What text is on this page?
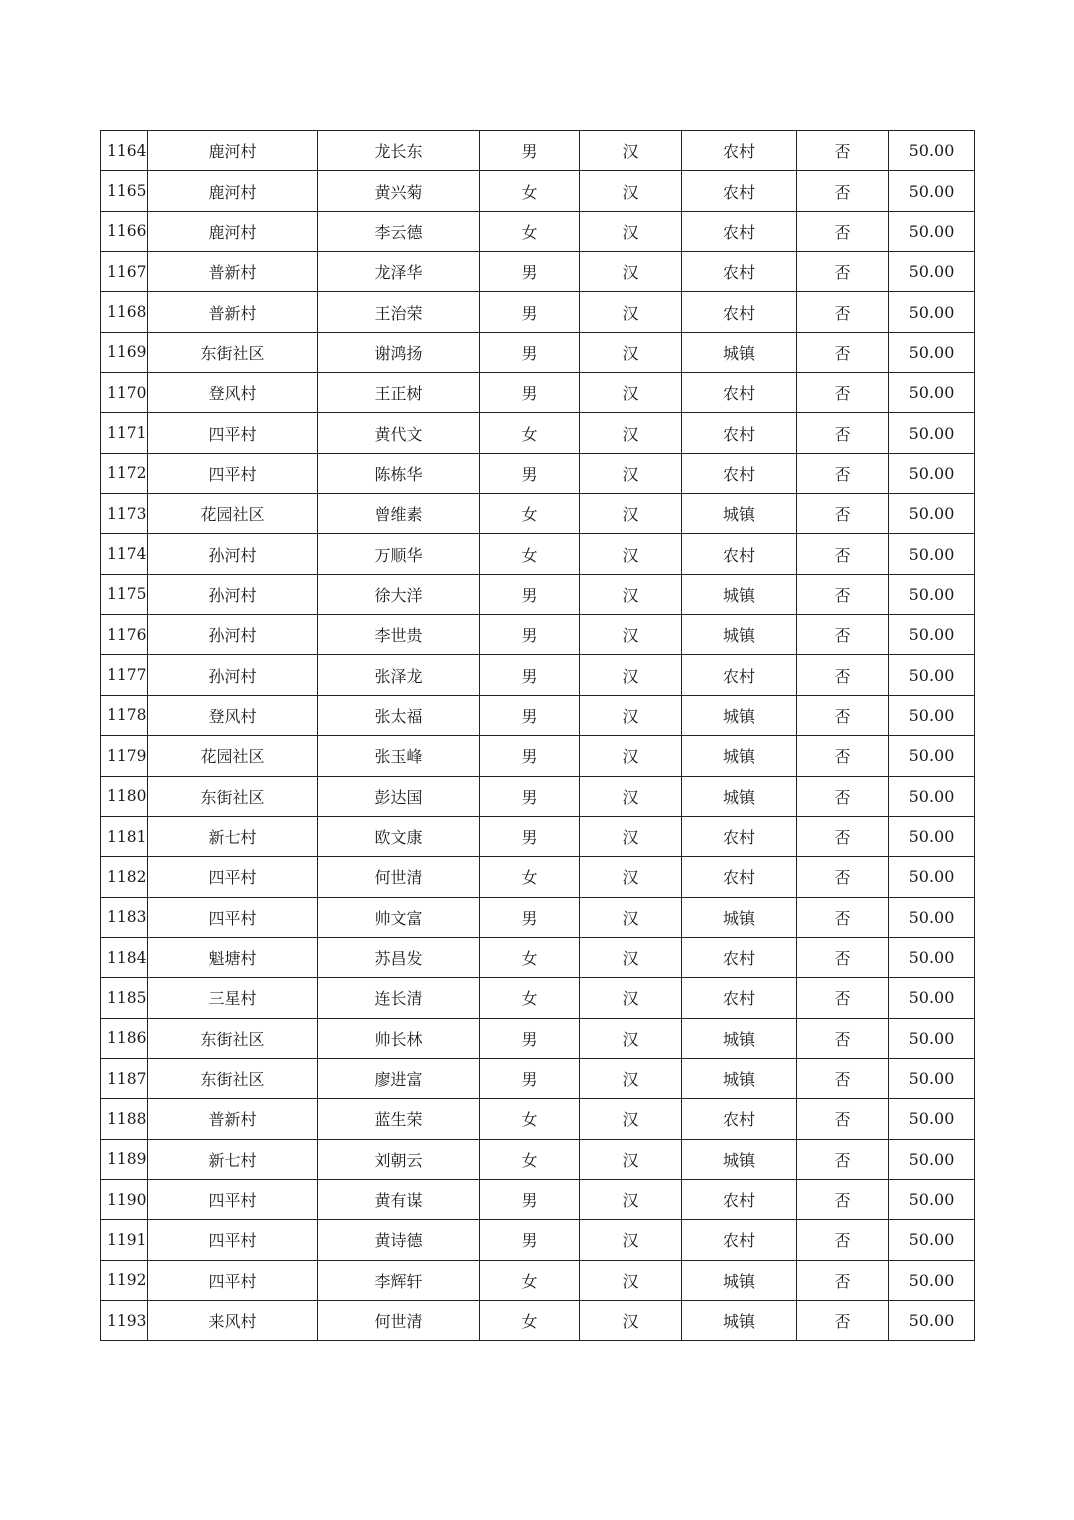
1164	鹿河村	龙长东	男	汉	农村	否	50.00
1165	鹿河村	黄兴菊	女	汉	农村	否	50.00
1166	鹿河村	李云德	女	汉	农村	否	50.00
1167	普新村	龙泽华	男	汉	农村	否	50.00
1168	普新村	王治荣	男	汉	农村	否	50.00
1169	东街社区	谢鸿扬	男	汉	城镇	否	50.00
1170	登风村	王正树	男	汉	农村	否	50.00
1171	四平村	黄代文	女	汉	农村	否	50.00
1172	四平村	陈栋华	男	汉	农村	否	50.00
1173	花园社区	曾维素	女	汉	城镇	否	50.00
1174	孙河村	万顺华	女	汉	农村	否	50.00
1175	孙河村	徐大洋	男	汉	城镇	否	50.00
1176	孙河村	李世贵	男	汉	城镇	否	50.00
1177	孙河村	张泽龙	男	汉	农村	否	50.00
1178	登风村	张太福	男	汉	城镇	否	50.00
1179	花园社区	张玉峰	男	汉	城镇	否	50.00
1180	东街社区	彭达国	男	汉	城镇	否	50.00
1181	新七村	欧文康	男	汉	农村	否	50.00
1182	四平村	何世清	女	汉	农村	否	50.00
1183	四平村	帅文富	男	汉	城镇	否	50.00
1184	魁塘村	苏昌发	女	汉	农村	否	50.00
1185	三星村	连长清	女	汉	农村	否	50.00
1186	东街社区	帅长林	男	汉	城镇	否	50.00
1187	东街社区	廖进富	男	汉	城镇	否	50.00
1188	普新村	蓝生荣	女	汉	农村	否	50.00
1189	新七村	刘朝云	女	汉	城镇	否	50.00
1190	四平村	黄有谋	男	汉	农村	否	50.00
1191	四平村	黄诗德	男	汉	农村	否	50.00
1192	四平村	李辉轩	女	汉	城镇	否	50.00
1193	来风村	何世清	女	汉	城镇	否	50.00
